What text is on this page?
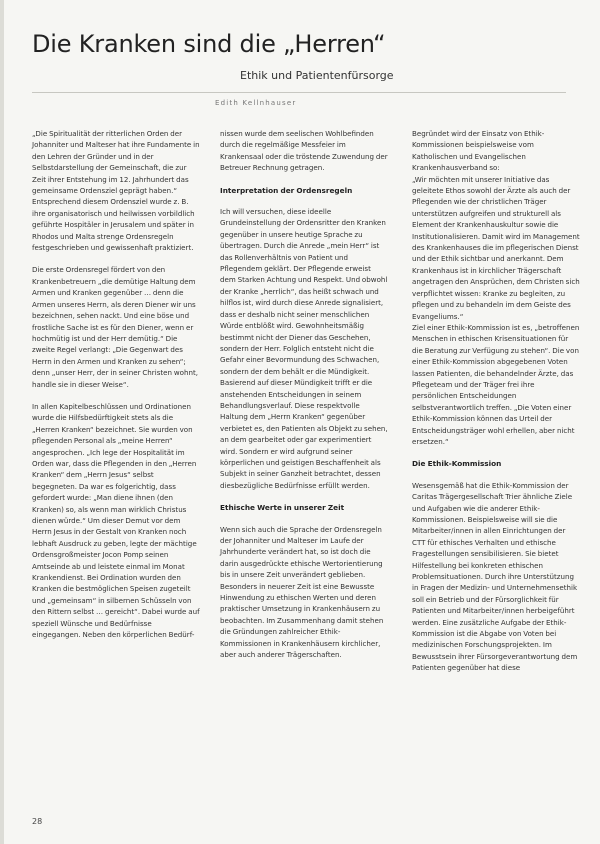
Die Kranken sind die „Herren“
Ethik und Patientenfürsorge
Edith Kellnhauser

„Die Spiritualität der ritterlichen Orden der Johanniter und Malteser hat ihre Fundamente in den Lehren der Gründer und in der Selbstdarstellung der Gemeinschaft, die zur Zeit ihrer Entstehung im 12. Jahrhundert das gemeinsame Ordensziel geprägt haben.“ Entsprechend diesem Ordensziel wurde z. B. ihre organisatorisch und heilwissen vorbildlich geführte Hospitäler in Jerusalem und später in Rhodos und Malta strenge Ordensregeln festgeschrieben und gewissenhaft praktiziert.

Die erste Ordensregel fördert von den Krankenbetreuern „die demütige Haltung dem Armen und Kranken gegenüber … denn die Armen unseres Herrn, als deren Diener wir uns bezeichnen, sehen nackt. Und eine böse und frostliche Sache ist es für den Diener, wenn er hochmütig ist und der Herr demütig.“ Die zweite Regel verlangt: „Die Gegenwart des Herrn in den Armen und Kranken zu sehen“; denn „unser Herr, der in seiner Christen wohnt, handle sie in dieser Weise“.

In allen Kapitelbeschlüssen und Ordinationen wurde die Hilfsbedürftigkeit stets als die „Herren Kranken“ bezeichnet. Sie wurden von pflegenden Personal als „meine Herren“ angesprochen. „Ich lege der Hospitalität im Orden war, dass die Pflegenden in den „Herren Kranken“ dem „Herrn Jesus“ selbst begegneten. Da war es folgerichtig, dass gefordert wurde: „Man diene ihnen (den Kranken) so, als wenn man wirklich Christus dienen würde.“ Um dieser Demut vor dem Herrn Jesus in der Gestalt von Kranken noch lebhaft Ausdruck zu geben, legte der mächtige Ordensgroßmeister Jocon Pomp seinen Amtseinde ab und leistete einmal im Monat Krankendienst. Bei Ordination wurden den Kranken die bestmöglichen Speisen zugeteilt und „gemeinsam“ in silbernen Schüsseln von den Rittern selbst … gereicht“. Dabei wurde auf speziell Wünsche und Bedürfnisse eingegangen. Neben den körperlichen Bedürf-

nissen wurde dem seelischen Wohlbefinden durch die regelmäßige Messfeier im Krankensaal oder die tröstende Zuwendung der Betreuer Rechnung getragen.

Interpretation der Ordensregeln

Ich will versuchen, diese ideelle Grundeinstellung der Ordensritter den Kranken gegenüber in unsere heutige Sprache zu übertragen. Durch die Anrede „mein Herr“ ist das Rollenverhältnis von Patient und Pflegendem geklärt. Der Pflegende erweist dem Starken Achtung und Respekt. Und obwohl der Kranke „herrlich“, das heißt schwach und hilflos ist, wird durch diese Anrede signalisiert, dass er deshalb nicht seiner menschlichen Würde entblößt wird. Gewohnheitsmäßig bestimmt nicht der Diener das Geschehen, sondern der Herr. Folglich entsteht nicht die Gefahr einer Bevormundung des Schwachen, sondern der dem behält er die Mündigkeit. Basierend auf dieser Mündigkeit trifft er die anstehenden Entscheidungen in seinem Behandlungsverlauf. Diese respektvolle Haltung dem „Herrn Kranken“ gegenüber verbietet es, den Patienten als Objekt zu sehen, an dem gearbeitet oder gar experimentiert wird. Sondern er wird aufgrund seiner körperlichen und geistigen Beschaffenheit als Subjekt in seiner Ganzheit betrachtet, dessen diesbezügliche Bedürfnisse erfüllt werden.

Ethische Werte in unserer Zeit

Wenn sich auch die Sprache der Ordensregeln der Johanniter und Malteser im Laufe der Jahrhunderte verändert hat, so ist doch die darin ausgedrückte ethische Wertorientierung bis in unsere Zeit unverändert geblieben. Besonders in neuerer Zeit ist eine Bewusste Hinwendung zu ethischen Werten und deren praktischer Umsetzung in Krankenhäusern zu beobachten. Im Zusammenhang damit stehen die Gründungen zahlreicher Ethik-Kommissionen in Krankenhäusern kirchlicher, aber auch anderer Trägerschaften.

Begründet wird der Einsatz von Ethik-Kommissionen beispielsweise vom Katholischen und Evangelischen Krankenhausverband so:

„Wir möchten mit unserer Initiative das geleitete Ethos sowohl der Ärzte als auch der Pflegenden wie der christlichen Träger unterstützen aufgreifen und strukturell als Element der Krankenhauskultur sowie die Institutionalisieren. Damit wird im Management des Krankenhauses die im pflegerischen Dienst und der Ethik sichtbar und anerkannt. Dem Krankenhaus ist in kirchlicher Trägerschaft angetragen den Ansprüchen, dem Christen sich verpflichtet wissen: Kranke zu begleiten, zu pflegen und zu behandeln im dem Geiste des Evangeliums.“

Ziel einer Ethik-Kommission ist es, „betroffenen Menschen in ethischen Krisensituationen für die Beratung zur Verfügung zu stehen“. Die von einer Ethik-Kommission abgegebenen Voten lassen Patienten, die behandelnder Ärzte, das Pflegeteam und der Träger frei ihre persönlichen Entscheidungen selbstverantwortlich treffen. „Die Voten einer Ethik-Kommission können das Urteil der Entscheidungsträger wohl erhellen, aber nicht ersetzen.“

Die Ethik-Kommission

Wesensgemäß hat die Ethik-Kommission der Caritas Trägergesellschaft Trier ähnliche Ziele und Aufgaben wie die anderer Ethik-Kommissionen. Beispielsweise will sie die Mitarbeiter/innen in allen Einrichtungen der CTT für ethisches Verhalten und ethische Fragestellungen sensibilisieren. Sie bietet Hilfestellung bei konkreten ethischen Problemsituationen. Durch ihre Unterstützung in Fragen der Medizin- und Unternehmensethik soll ein Betrieb und der Fürsorglichkeit für Patienten und Mitarbeiter/innen herbeigeführt werden. Eine zusätzliche Aufgabe der Ethik-Kommission ist die Abgabe von Voten bei medizinischen Forschungsprojekten. Im Bewusstsein ihrer Fürsorgeverantwortung dem Patienten gegenüber hat diese

28
